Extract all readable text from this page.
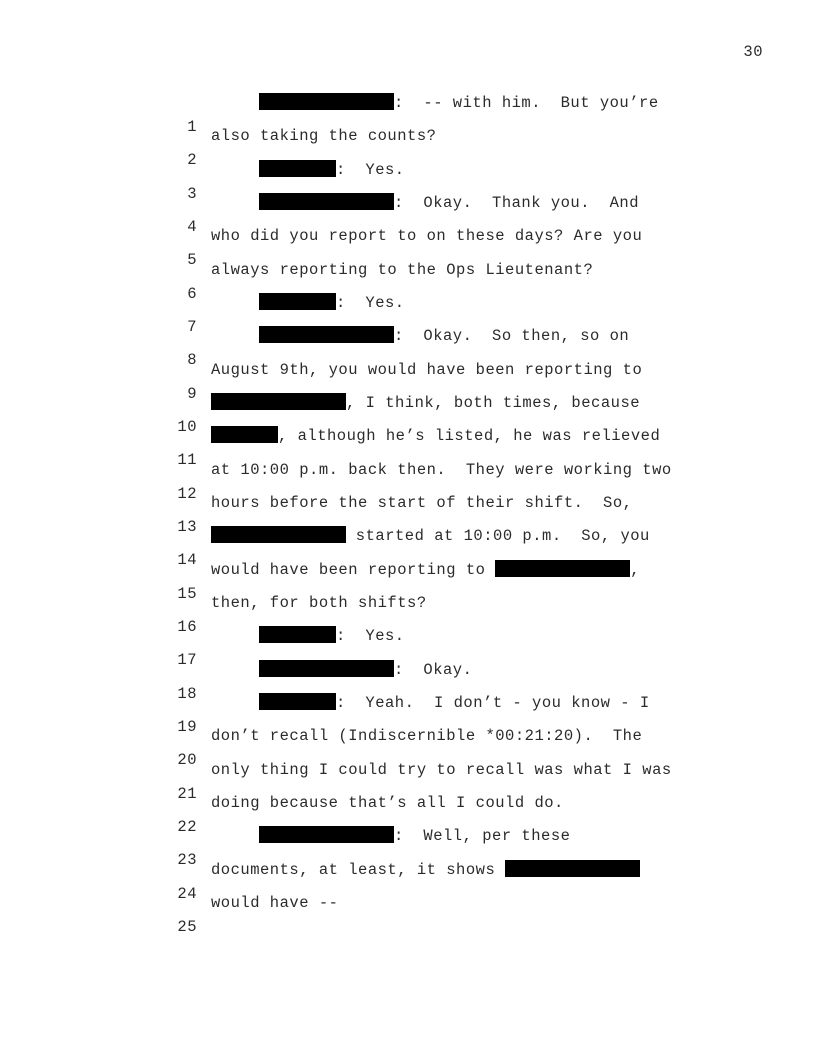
30

1

:  -- with him.  But you’re

2

also taking the counts?

3

:  Yes.

4

:  Okay.  Thank you.  And

5

who did you report to on these days? Are you

6

always reporting to the Ops Lieutenant?

7

:  Yes.

8

:  Okay.  So then, so on

9

August 9th, you would have been reporting to

10

, I think, both times, because

11

, although he’s listed, he was relieved

12

at 10:00 p.m. back then.  They were working two

13

hours before the start of their shift.  So,

14

started at 10:00 p.m.  So, you

15

would have been reporting to	,

16

then, for both shifts?

17

:  Yes.

18

:  Okay.

19

:  Yeah.  I don’t - you know - I

20

don’t recall (Indiscernible *00:21:20).  The

21

only thing I could try to recall was what I was

22

doing because that’s all I could do.

23

:  Well, per these

24

documents, at least, it shows

25

would have --
